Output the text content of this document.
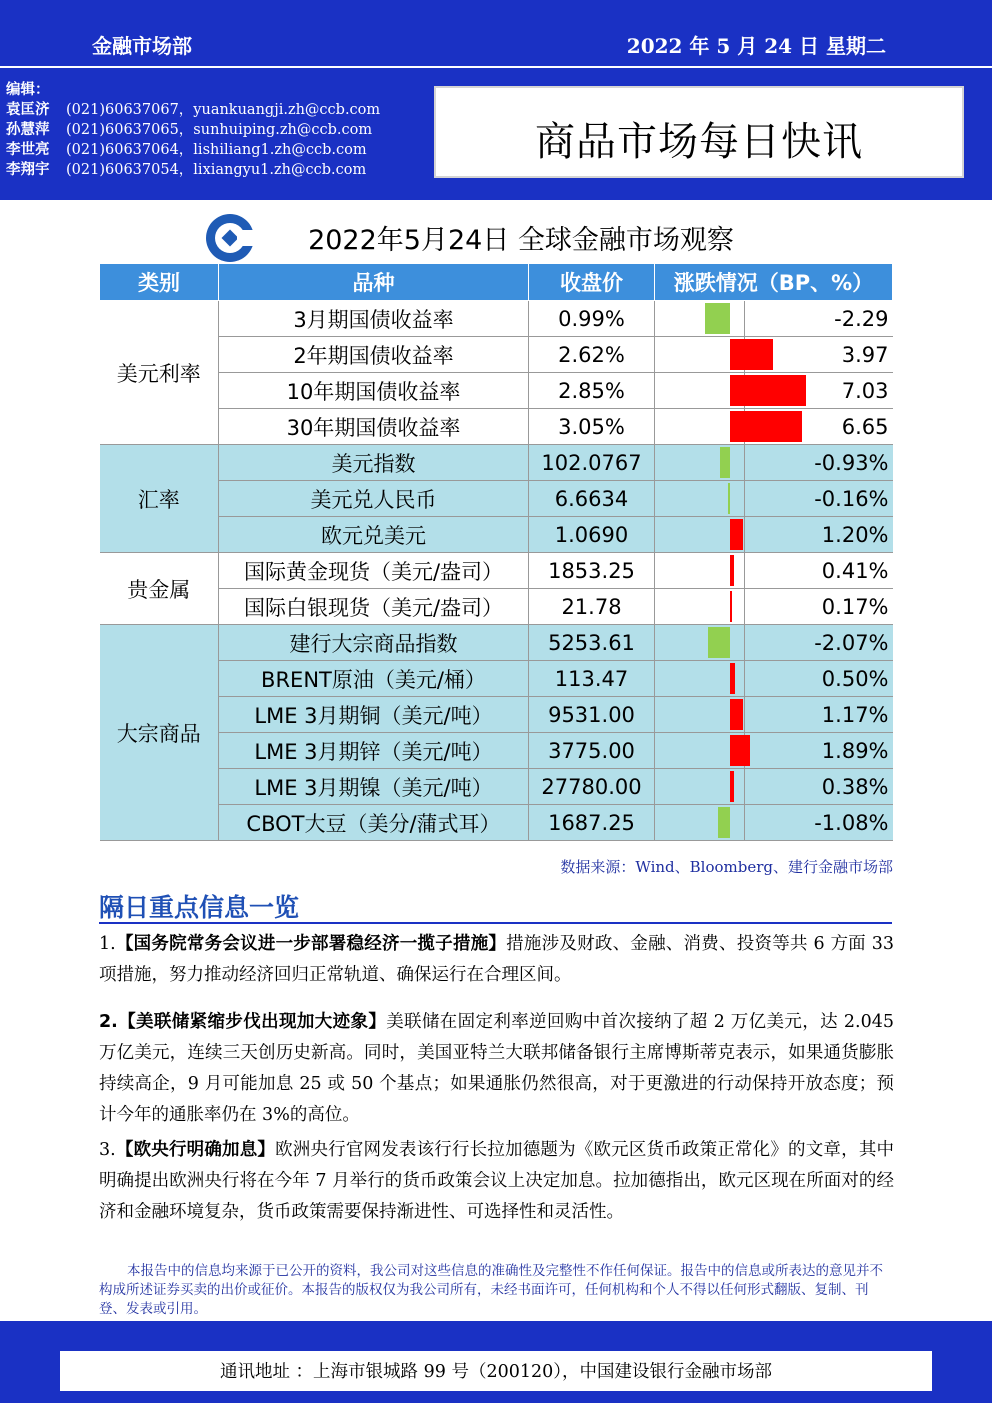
金融市场部	2022 年 5 月 24 日 星期二
编辑：
袁匡济 (021)60637067，yuankuangji.zh@ccb.com
孙慧萍 (021)60637065，sunhuiping.zh@ccb.com
李世亮 (021)60637064，lishiliang1.zh@ccb.com
李翔宇 (021)60637054，lixiangyu1.zh@ccb.com
商品市场每日快讯
2022年5月24日 全球金融市场观察
类别	品种	收盘价	涨跌情况（BP、%）	
美元利率	3月期国债收益率	0.99%		-2.29
	2年期国债收益率	2.62%		3.97
	10年期国债收益率	2.85%		7.03
	30年期国债收益率	3.05%		6.65
汇率	美元指数	102.0767		-0.93%
	美元兑人民币	6.6634		-0.16%
	欧元兑美元	1.0690		1.20%
贵金属	国际黄金现货（美元/盎司）	1853.25		0.41%
	国际白银现货（美元/盎司）	21.78		0.17%
大宗商品	建行大宗商品指数	5253.61		-2.07%
	BRENT原油（美元/桶）	113.47		0.50%
	LME 3月期铜（美元/吨）	9531.00		1.17%
	LME 3月期锌（美元/吨）	3775.00		1.89%
	LME 3月期镍（美元/吨）	27780.00		0.38%
	CBOT大豆（美分/蒲式耳）	1687.25		-1.08%
数据来源：Wind、Bloomberg、建行金融市场部
隔日重点信息一览
1.【国务院常务会议进一步部署稳经济一揽子措施】措施涉及财政、金融、消费、投资等共 6 方面 33 项措施，努力推动经济回归正常轨道、确保运行在合理区间。
2.【美联储紧缩步伐出现加大迹象】美联储在固定利率逆回购中首次接纳了超 2 万亿美元，达 2.045 万亿美元，连续三天创历史新高。同时，美国亚特兰大联邦储备银行主席博斯蒂克表示，如果通货膨胀持续高企，9 月可能加息 25 或 50 个基点；如果通胀仍然很高，对于更激进的行动保持开放态度；预计今年的通胀率仍在 3%的高位。
3.【欧央行明确加息】欧洲央行官网发表该行行长拉加德题为《欧元区货币政策正常化》的文章，其中明确提出欧洲央行将在今年 7 月举行的货币政策会议上决定加息。拉加德指出，欧元区现在所面对的经济和金融环境复杂，货币政策需要保持渐进性、可选择性和灵活性。
本报告中的信息均来源于已公开的资料，我公司对这些信息的准确性及完整性不作任何保证。报告中的信息或所表达的意见并不构成所述证券买卖的出价或征价。本报告的版权仅为我公司所有，未经书面许可，任何机构和个人不得以任何形式翻版、复制、刊登、发表或引用。
通讯地址 ：上海市银城路 99 号（200120），中国建设银行金融市场部
